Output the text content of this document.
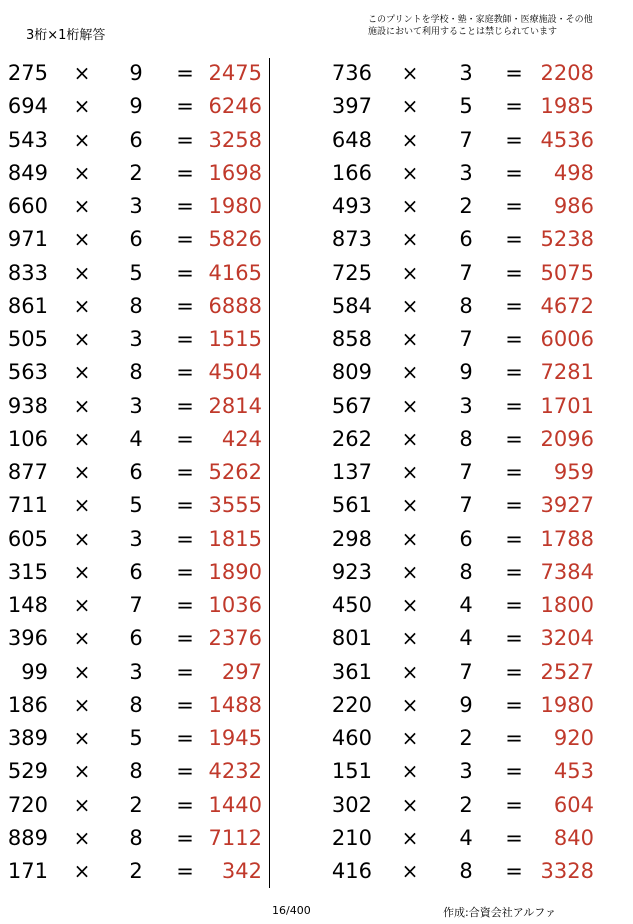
3桁×1桁解答
このプリントを学校・塾・家庭教師・医療施設・その他
施設において利用することは禁じられています
275 × 9 = 2475
694 × 9 = 6246
543 × 6 = 3258
849 × 2 = 1698
660 × 3 = 1980
971 × 6 = 5826
833 × 5 = 4165
861 × 8 = 6888
505 × 3 = 1515
563 × 8 = 4504
938 × 3 = 2814
106 × 4 =	424
877 × 6 = 5262
711 × 5 = 3555
605 × 3 = 1815
315 × 6 = 1890
148 × 7 = 1036
396 × 6 = 2376
99 × 3 =	297
186 × 8 = 1488
389 × 5 = 1945
529 × 8 = 4232
720 × 2 = 1440
889 × 8 = 7112
171 × 2 =	342
736 × 3 = 2208
397 × 5 = 1985
648 × 7 = 4536
166 × 3 =	498
493 × 2 =	986
873 × 6 = 5238
725 × 7 = 5075
584 × 8 = 4672
858 × 7 = 6006
809 × 9 = 7281
567 × 3 = 1701
262 × 8 = 2096
137 × 7 =	959
561 × 7 = 3927
298 × 6 = 1788
923 × 8 = 7384
450 × 4 = 1800
801 × 4 = 3204
361 × 7 = 2527
220 × 9 = 1980
460 × 2 =	920
151 × 3 =	453
302 × 2 =	604
210 × 4 =	840
416 × 8 = 3328
16/400	作成:合資会社アルファ
